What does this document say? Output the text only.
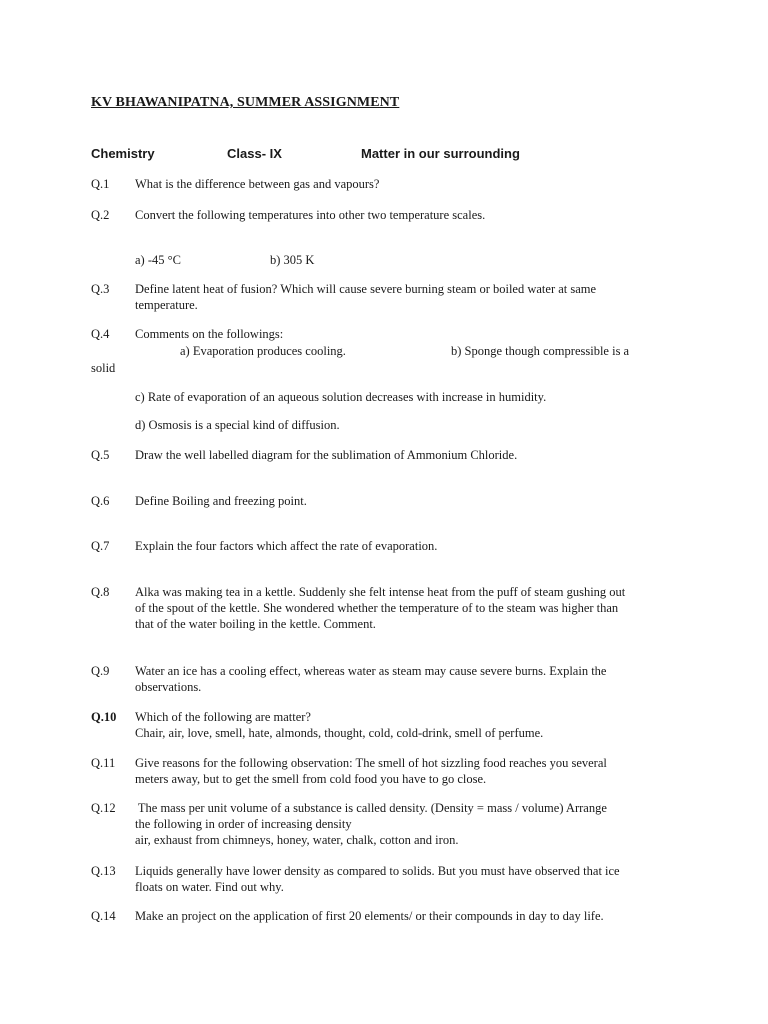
KV BHAWANIPATNA, SUMMER ASSIGNMENT
Chemistry	Class- IX	Matter in our surrounding
Q.1	What is the difference between gas and vapours?
Q.2	Convert the following temperatures into other two temperature scales.
a) -45 °C	b) 305 K
Q.3	Define latent heat of fusion? Which will cause severe burning steam or boiled water at same
temperature.
Q.4	Comments on the followings:
a) Evaporation produces cooling.	b) Sponge though compressible is a
solid
c) Rate of evaporation of an aqueous solution decreases with increase in humidity.
d) Osmosis is a special kind of diffusion.
Q.5	Draw the well labelled diagram for the sublimation of Ammonium Chloride.
Q.6	Define Boiling and freezing point.
Q.7	Explain the four factors which affect the rate of evaporation.
Q.8	Alka was making tea in a kettle. Suddenly she felt intense heat from the puff of steam gushing out
of the spout of the kettle. She wondered whether the temperature of to the steam was higher than
that of the water boiling in the kettle. Comment.
Q.9	Water an ice has a cooling effect, whereas water as steam may cause severe burns. Explain the
observations.
Q.10	Which of the following are matter?
Chair, air, love, smell, hate, almonds, thought, cold, cold-drink, smell of perfume.
Q.11	Give reasons for the following observation: The smell of hot sizzling food reaches you several
meters away, but to get the smell from cold food you have to go close.
Q.12	The mass per unit volume of a substance is called density. (Density = mass / volume) Arrange
the following in order of increasing density
air, exhaust from chimneys, honey, water, chalk, cotton and iron.
Q.13	Liquids generally have lower density as compared to solids. But you must have observed that ice
floats on water. Find out why.
Q.14	Make an project on the application of first 20 elements/ or their compounds in day to day life.
